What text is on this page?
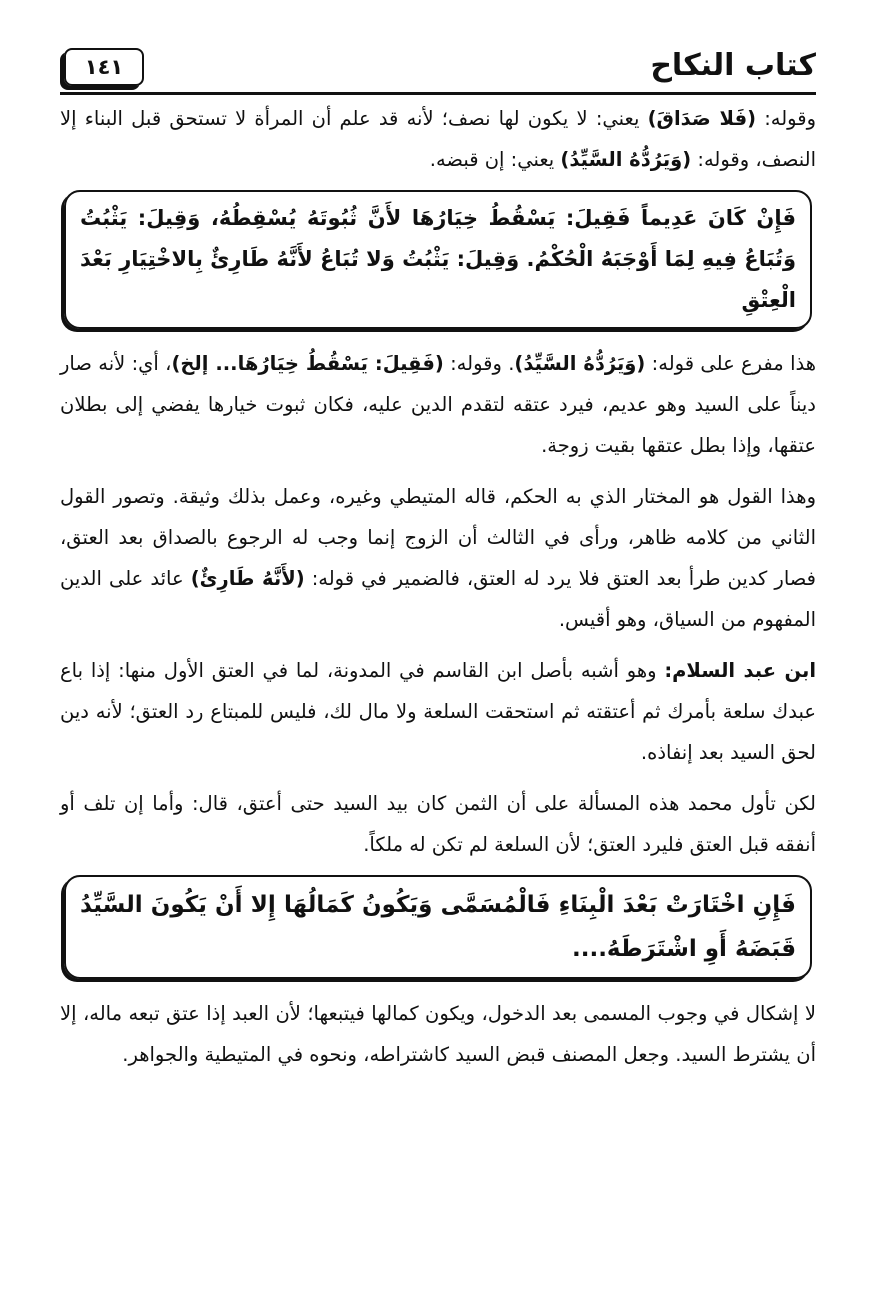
كتاب النكاح
١٤١

وقوله: (فَلا صَدَاقَ) يعني: لا يكون لها نصف؛ لأنه قد علم أن المرأة لا تستحق قبل البناء إلا النصف، وقوله: (وَيَرُدُّهُ السَّيِّدُ) يعني: إن قبضه.

فَإِنْ كَانَ عَدِيماً فَقِيلَ: يَسْقُطُ خِيَارُهَا لأَنَّ ثُبُوتَهُ يُسْقِطُهُ، وَقِيلَ: يَثْبُتُ وَتُبَاعُ فِيهِ لِمَا أَوْجَبَهُ الْحُكْمُ. وَقِيلَ: يَثْبُتُ وَلا تُبَاعُ لأَنَّهُ طَارِئٌ بِالاخْتِيَارِ بَعْدَ الْعِتْقِ

هذا مفرع على قوله: (وَيَرُدُّهُ السَّيِّدُ). وقوله: (فَقِيلَ: يَسْقُطُ خِيَارُهَا... إلخ)، أي: لأنه صار ديناً على السيد وهو عديم، فيرد عتقه لتقدم الدين عليه، فكان ثبوت خيارها يفضي إلى بطلان عتقها، وإذا بطل عتقها بقيت زوجة.

وهذا القول هو المختار الذي به الحكم، قاله المتيطي وغيره، وعمل بذلك وثيقة. وتصور القول الثاني من كلامه ظاهر، ورأى في الثالث أن الزوج إنما وجب له الرجوع بالصداق بعد العتق، فصار كدين طرأ بعد العتق فلا يرد له العتق، فالضمير في قوله: (لأَنَّهُ طَارِئٌ) عائد على الدين المفهوم من السياق، وهو أقيس.

ابن عبد السلام: وهو أشبه بأصل ابن القاسم في المدونة، لما في العتق الأول منها: إذا باع عبدك سلعة بأمرك ثم أعتقته ثم استحقت السلعة ولا مال لك، فليس للمبتاع رد العتق؛ لأنه دين لحق السيد بعد إنفاذه.

لكن تأول محمد هذه المسألة على أن الثمن كان بيد السيد حتى أعتق، قال: وأما إن تلف أو أنفقه قبل العتق فليرد العتق؛ لأن السلعة لم تكن له ملكاً.

فَإِنِ اخْتَارَتْ بَعْدَ الْبِنَاءِ فَالْمُسَمَّى وَيَكُونُ كَمَالُهَا إِلا أَنْ يَكُونَ السَّيِّدُ قَبَضَهُ أَوِ اشْتَرَطَهُ....

لا إشكال في وجوب المسمى بعد الدخول، ويكون كمالها فيتبعها؛ لأن العبد إذا عتق تبعه ماله، إلا أن يشترط السيد. وجعل المصنف قبض السيد كاشتراطه، ونحوه في المتيطية والجواهر.
